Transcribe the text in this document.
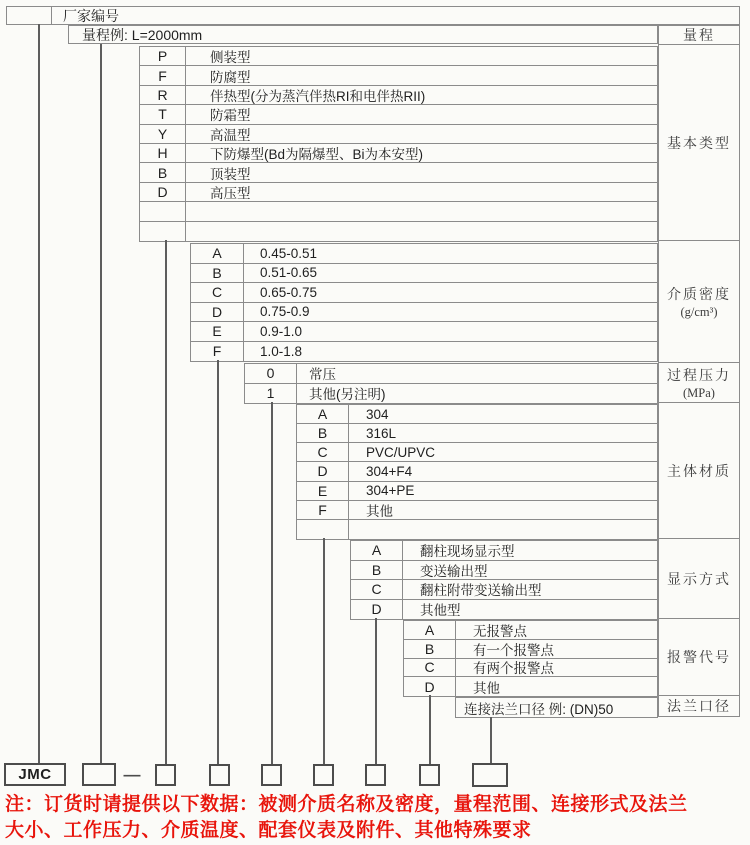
厂家编号
量程例: L=2000mm
P	侧装型
F	防腐型
R	伴热型(分为蒸汽伴热RI和电伴热RII)
T	防霜型
Y	高温型
H	下防爆型(Bd为隔爆型、Bi为本安型)
B	顶装型
D	高压型
A	0.45-0.51
B	0.51-0.65
C	0.65-0.75
D	0.75-0.9
E	0.9-1.0
F	1.0-1.8
0	常压
1	其他(另注明)
A	304
B	316L
C	PVC/UPVC
D	304+F4
E	304+PE
F	其他
A	翻柱现场显示型
B	变送输出型
C	翻柱附带变送输出型
D	其他型
A	无报警点
B	有一个报警点
C	有两个报警点
D	其他
连接法兰口径 例: (DN)50
量程
基本类型
介质密度
(g/cm³)
过程压力
(MPa)
主体材质
显示方式
报警代号
法兰口径
JMC	—
注：订货时请提供以下数据：被测介质名称及密度，量程范围、连接形式及法兰
大小、工作压力、介质温度、配套仪表及附件、其他特殊要求
